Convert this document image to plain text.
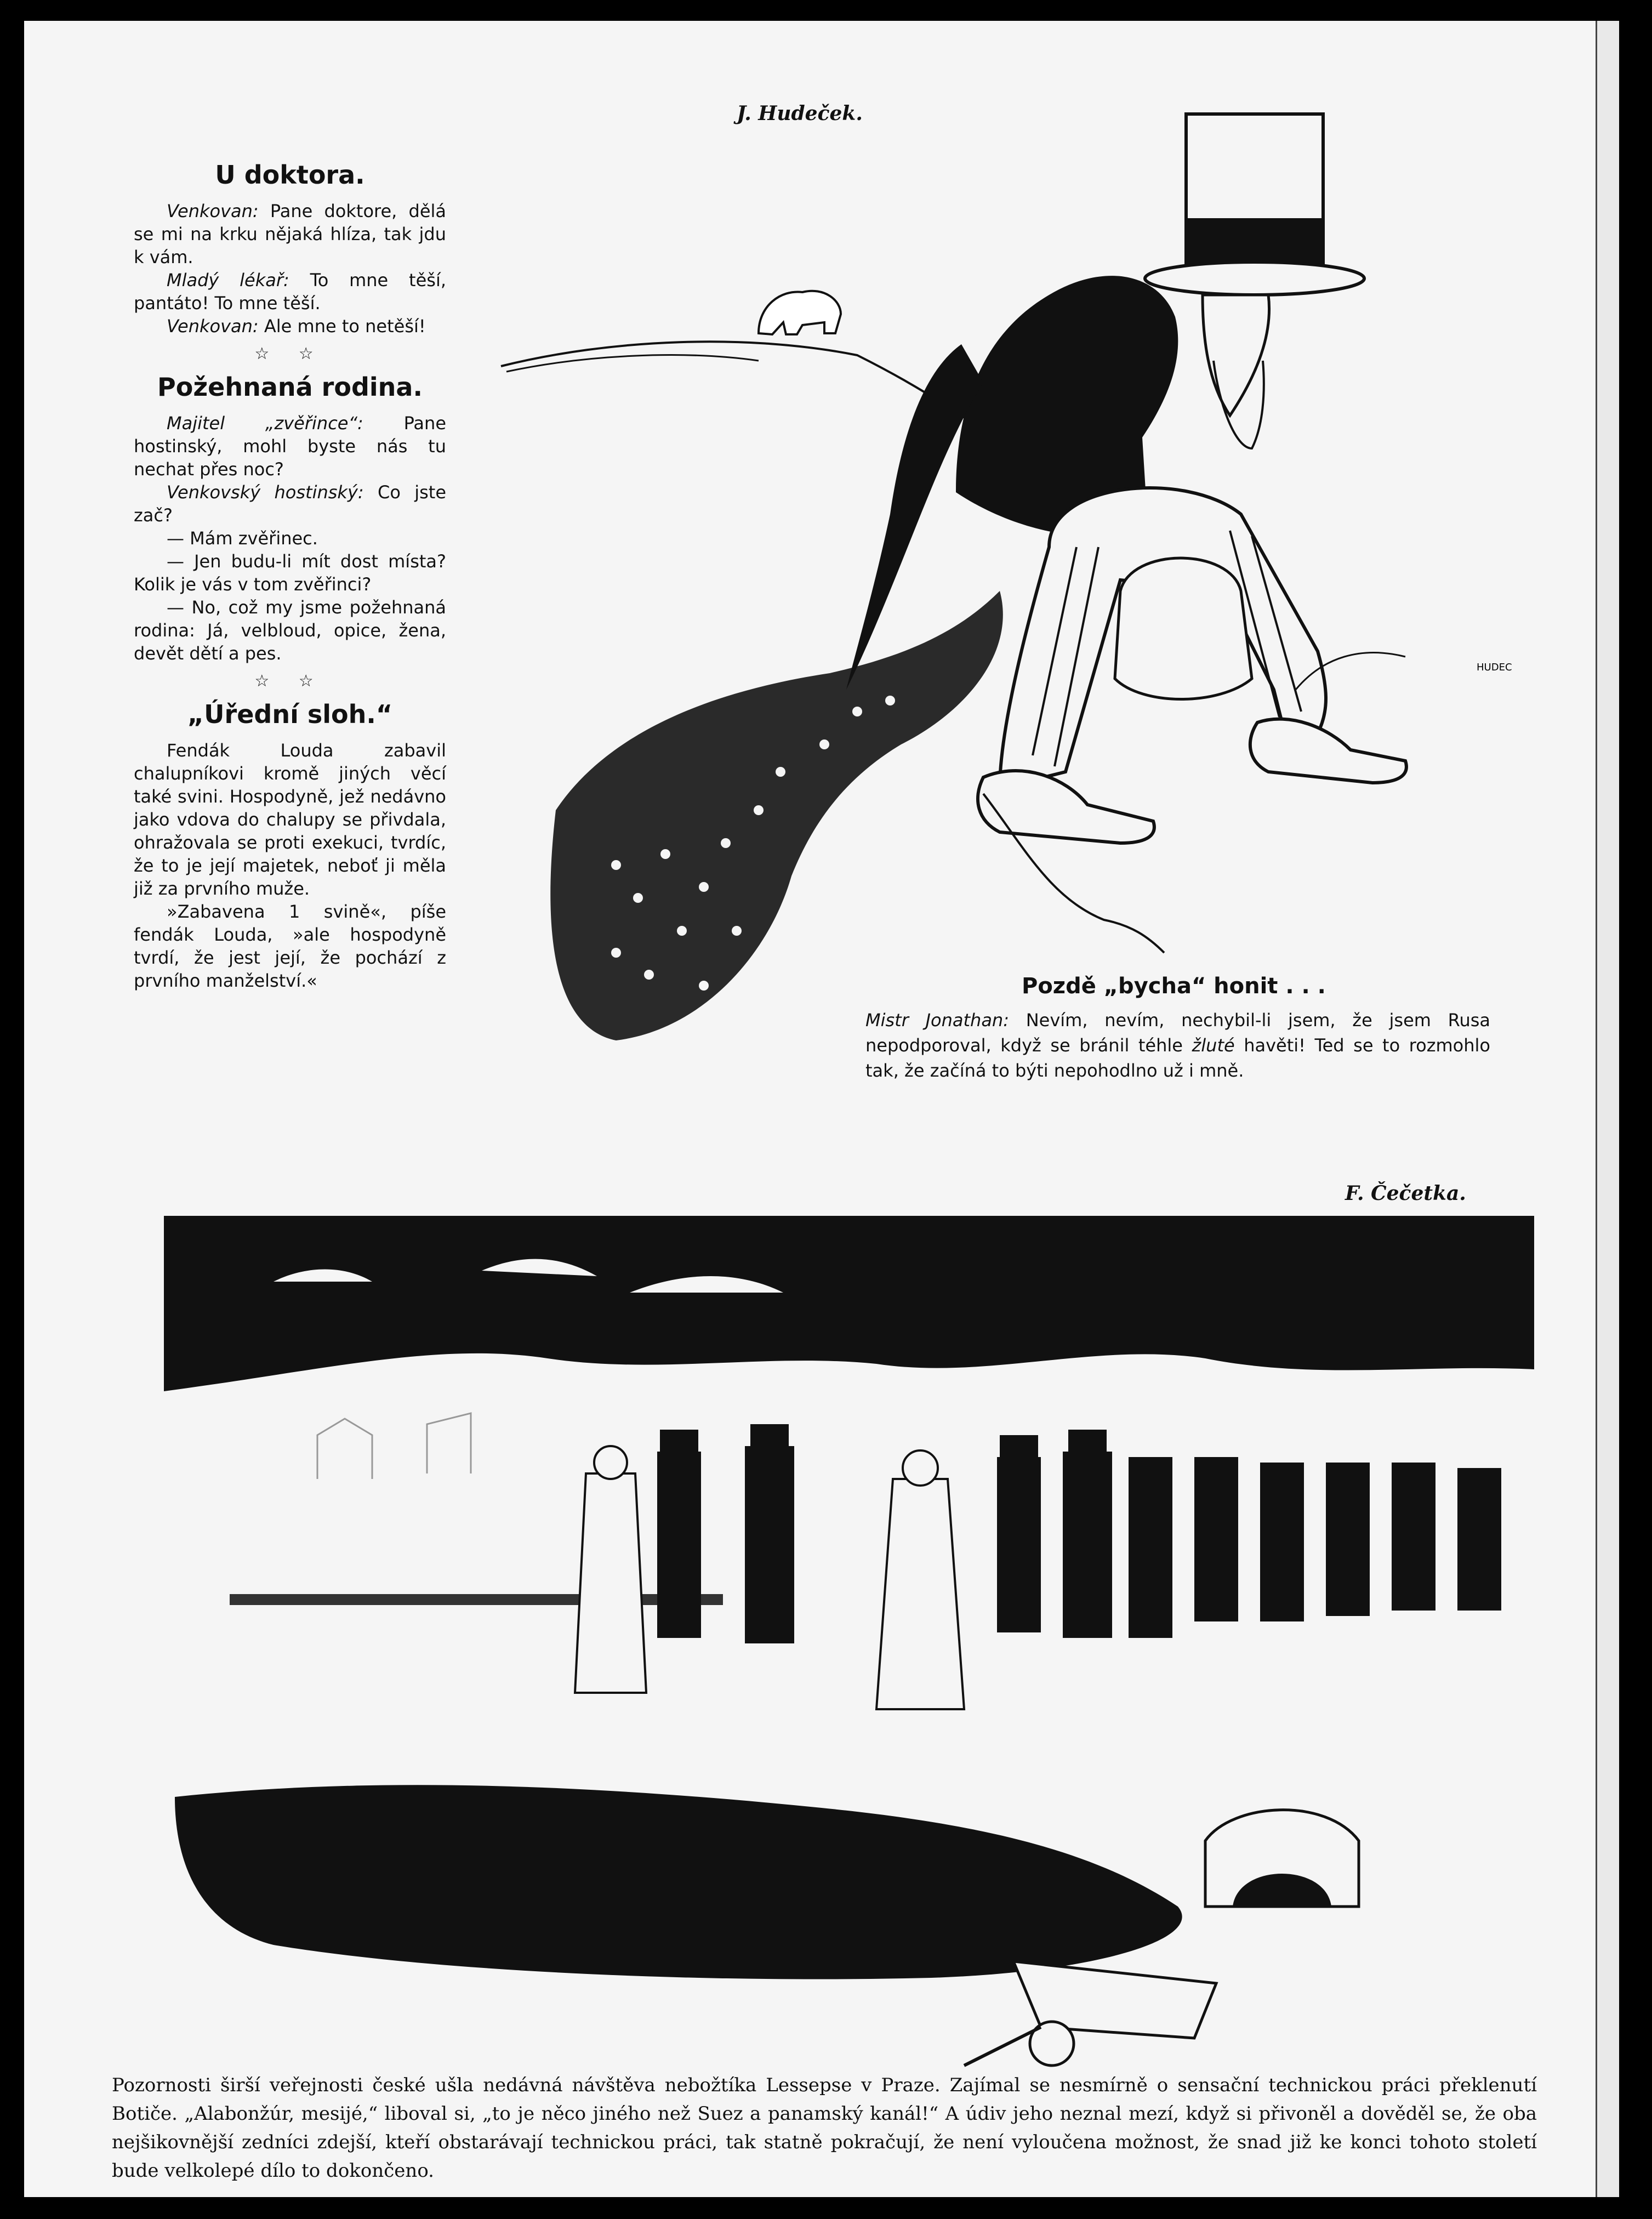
U doktora.

Venkovan: Pane doktore, dělá se mi na krku nějaká hlíza, tak jdu k vám.

Mladý lékař: To mne těší, pantáto! To mne těší.

Venkovan: Ale mne to netěší!

☆ ☆
Požehnaná rodina.

Majitel „zvěřince“: Pane hostinský, mohl byste nás tu nechat přes noc?

Venkovský hostinský: Co jste zač?

— Mám zvěřinec.

— Jen budu-li mít dost místa? Kolik je vás v tom zvěřinci?

— No, což my jsme požehnaná rodina: Já, velbloud, opice, žena, devět dětí a pes.

☆ ☆
„Úřední sloh.“

Fendák Louda zabavil chalupníkovi kromě jiných věcí také svini. Hospodyně, jež nedávno jako vdova do chalupy se přivdala, ohražovala se proti exekuci, tvrdíc, že to je její majetek, neboť ji měla již za prvního muže.

»Zabavena 1 svině«, píše fendák Louda, »ale hospodyně tvrdí, že jest její, že pochází z prvního manželství.«

J. Hudeček.
HUDEC
Pozdě „bycha“ honit . . .
Mistr Jonathan: Nevím, nevím, nechybil-li jsem, že jsem Rusa nepodporoval, když se bránil téhle žluté havěti! Ted se to rozmohlo tak, že začíná to býti nepohodlno už i mně.
F. Čečetka.
Pozornosti širší veřejnosti české ušla nedávná návštěva nebožtíka Lessepse v Praze. Zajímal se nesmírně o sensační technickou práci překlenutí Botiče. „Alabonžúr, mesijé,“ liboval si, „to je něco jiného než Suez a panamský kanál!“ A údiv jeho neznal mezí, když si přivoněl a dověděl se, že oba nejšikovnější zedníci zdejší, kteří obstarávají technickou práci, tak statně pokračují, že není vyloučena možnost, že snad již ke konci tohoto století bude velkolepé dílo to dokončeno.
